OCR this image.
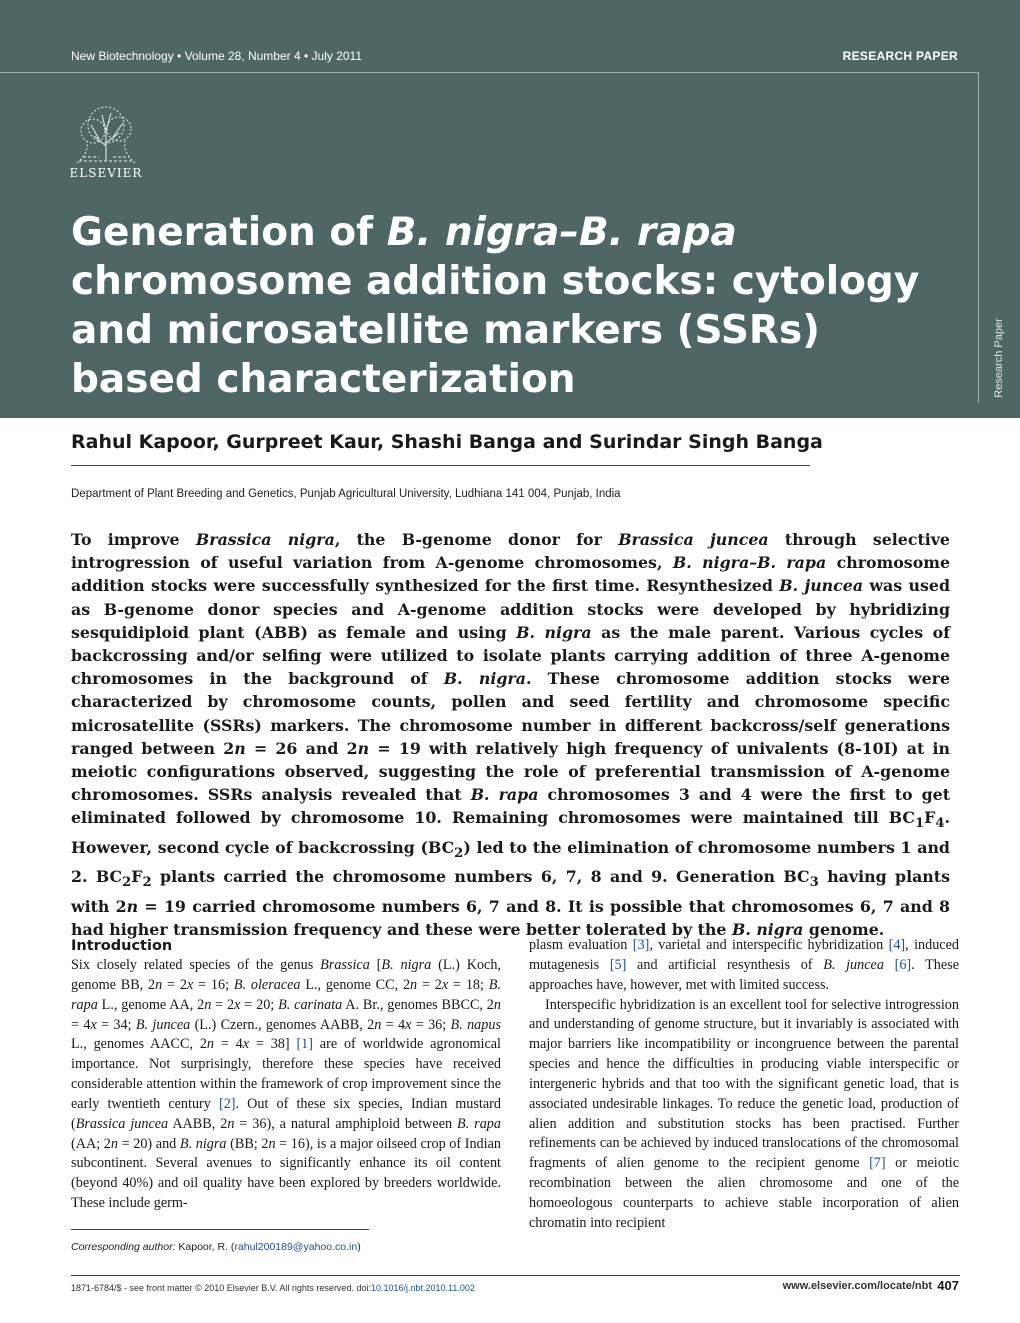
Research Paper
New Biotechnology • Volume 28, Number 4 • July 2011	RESEARCH PAPER
ELSEVIER
Generation of B. nigra–B. rapa chromosome addition stocks: cytology and microsatellite markers (SSRs) based characterization
Rahul Kapoor, Gurpreet Kaur, Shashi Banga and Surindar Singh Banga
Department of Plant Breeding and Genetics, Punjab Agricultural University, Ludhiana 141 004, Punjab, India

To improve Brassica nigra, the B-genome donor for Brassica juncea through selective introgression of useful variation from A-genome chromosomes, B. nigra–B. rapa chromosome addition stocks were successfully synthesized for the first time. Resynthesized B. juncea was used as B-genome donor species and A-genome addition stocks were developed by hybridizing sesquidiploid plant (ABB) as female and using B. nigra as the male parent. Various cycles of backcrossing and/or selfing were utilized to isolate plants carrying addition of three A-genome chromosomes in the background of B. nigra. These chromosome addition stocks were characterized by chromosome counts, pollen and seed fertility and chromosome specific microsatellite (SSRs) markers. The chromosome number in different backcross/self generations ranged between 2n = 26 and 2n = 19 with relatively high frequency of univalents (8-10I) at in meiotic configurations observed, suggesting the role of preferential transmission of A-genome chromosomes. SSRs analysis revealed that B. rapa chromosomes 3 and 4 were the first to get eliminated followed by chromosome 10. Remaining chromosomes were maintained till $BC_1F_4$. However, second cycle of backcrossing $(BC_2)$ led to the elimination of chromosome numbers 1 and 2. $BC_2F_2$ plants carried the chromosome numbers 6, 7, 8 and 9. Generation $BC_3$ having plants with 2n = 19 carried chromosome numbers 6, 7 and 8. It is possible that chromosomes 6, 7 and 8 had higher transmission frequency and these were better tolerated by the B. nigra genome.

Introduction

Six closely related species of the genus Brassica [B. nigra (L.) Koch, genome BB, 2n = 2x = 16; B. oleracea L., genome CC, 2n = 2x = 18; B. rapa L., genome AA, 2n = 2x = 20; B. carinata A. Br., genomes BBCC, 2n = 4x = 34; B. juncea (L.) Czern., genomes AABB, 2n = 4x = 36; B. napus L., genomes AACC, 2n = 4x = 38] [1] are of worldwide agronomical importance. Not surprisingly, therefore these species have received considerable attention within the framework of crop improvement since the early twentieth century [2]. Out of these six species, Indian mustard (Brassica juncea AABB, 2n = 36), a natural amphiploid between B. rapa (AA; 2n = 20) and B. nigra (BB; 2n = 16), is a major oilseed crop of Indian subcontinent. Several avenues to significantly enhance its oil content (beyond 40%) and oil quality have been explored by breeders worldwide. These include germ-

plasm evaluation [3], varietal and interspecific hybridization [4], induced mutagenesis [5] and artificial resynthesis of B. juncea [6]. These approaches have, however, met with limited success.

Interspecific hybridization is an excellent tool for selective introgression and understanding of genome structure, but it invariably is associated with major barriers like incompatibility or incongruence between the parental species and hence the difficulties in producing viable interspecific or intergeneric hybrids and that too with the significant genetic load, that is associated undesirable linkages. To reduce the genetic load, production of alien addition and substitution stocks has been practised. Further refinements can be achieved by induced translocations of the chromosomal fragments of alien genome to the recipient genome [7] or meiotic recombination between the alien chromosome and one of the homoeologous counterparts to achieve stable incorporation of alien chromatin into recipient

Corresponding author: Kapoor, R. (rahul200189@yahoo.co.in)
1871-6784/$ - see front matter © 2010 Elsevier B.V. All rights reserved. doi:10.1016/j.nbt.2010.11.002	www.elsevier.com/locate/nbt 407
